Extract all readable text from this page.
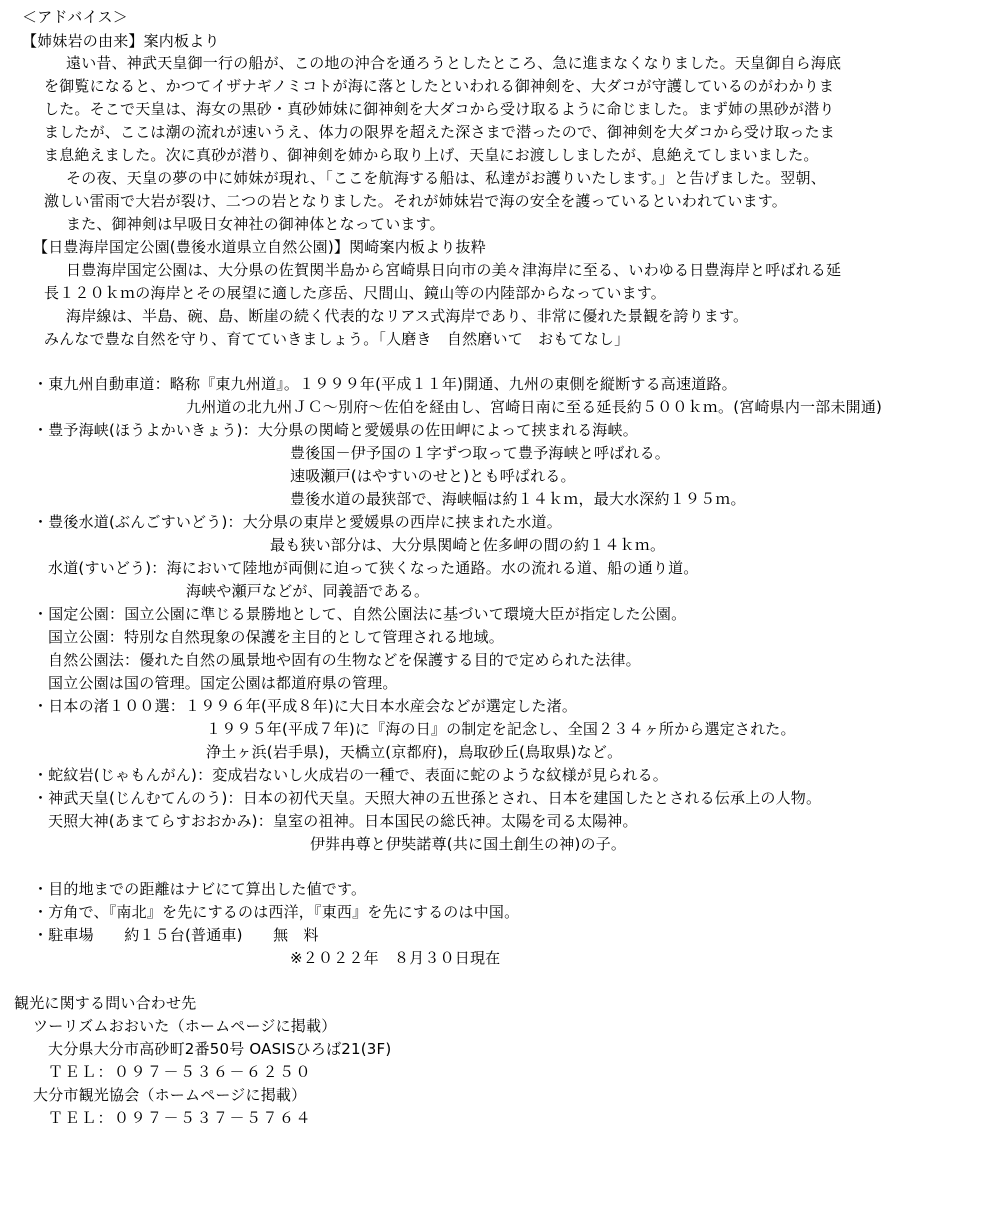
＜アドバイス＞
【姉妹岩の由来】案内板より
遠い昔、神武天皇御一行の船が、この地の沖合を通ろうとしたところ、急に進まなくなりました。天皇御自ら海底
を御覧になると、かつてイザナギノミコトが海に落としたといわれる御神剣を、大ダコが守護しているのがわかりま
した。そこで天皇は、海女の黒砂・真砂姉妹に御神剣を大ダコから受け取るように命じました。まず姉の黒砂が潜り
ましたが、ここは潮の流れが速いうえ、体力の限界を超えた深さまで潜ったので、御神剣を大ダコから受け取ったま
ま息絶えました。次に真砂が潜り、御神剣を姉から取り上げ、天皇にお渡ししましたが、息絶えてしまいました。
その夜、天皇の夢の中に姉妹が現れ、「ここを航海する船は、私達がお護りいたします。」と告げました。翌朝、
激しい雷雨で大岩が裂け、二つの岩となりました。それが姉妹岩で海の安全を護っているといわれています。
また、御神剣は早吸日女神社の御神体となっています。
【日豊海岸国定公園(豊後水道県立自然公園)】関崎案内板より抜粋
日豊海岸国定公園は、大分県の佐賀関半島から宮崎県日向市の美々津海岸に至る、いわゆる日豊海岸と呼ばれる延
長１２０ｋｍの海岸とその展望に適した彦岳、尺間山、鏡山等の内陸部からなっています。
海岸線は、半島、碗、島、断崖の続く代表的なリアス式海岸であり、非常に優れた景観を誇ります。
みんなで豊な自然を守り、育てていきましょう。「人磨き　自然磨いて　おもてなし」
・東九州自動車道：略称『東九州道』。１９９９年(平成１１年)開通、九州の東側を縦断する高速道路。
九州道の北九州ＪＣ～別府～佐伯を経由し、宮崎日南に至る延長約５００ｋｍ。(宮崎県内一部未開通)
・豊予海峡(ほうよかいきょう)：大分県の関崎と愛媛県の佐田岬によって挟まれる海峡。
豊後国－伊予国の１字ずつ取って豊予海峡と呼ばれる。
速吸瀬戸(はやすいのせと)とも呼ばれる。
豊後水道の最狭部で、海峡幅は約１４ｋｍ，最大水深約１９５ｍ。
・豊後水道(ぶんごすいどう)：大分県の東岸と愛媛県の西岸に挟まれた水道。
最も狭い部分は、大分県関崎と佐多岬の間の約１４ｋｍ。
水道(すいどう)：海において陸地が両側に迫って狭くなった通路。水の流れる道、船の通り道。
海峡や瀬戸などが、同義語である。
・国定公園：国立公園に準じる景勝地として、自然公園法に基づいて環境大臣が指定した公園。
国立公園：特別な自然現象の保護を主目的として管理される地域。
自然公園法：優れた自然の風景地や固有の生物などを保護する目的で定められた法律。
国立公園は国の管理。国定公園は都道府県の管理。
・日本の渚１００選：１９９６年(平成８年)に大日本水産会などが選定した渚。
１９９５年(平成７年)に『海の日』の制定を記念し、全国２３４ヶ所から選定された。
浄土ヶ浜(岩手県)，天橋立(京都府)，鳥取砂丘(鳥取県)など。
・蛇紋岩(じゃもんがん)：変成岩ないし火成岩の一種で、表面に蛇のような紋様が見られる。
・神武天皇(じんむてんのう)：日本の初代天皇。天照大神の五世孫とされ、日本を建国したとされる伝承上の人物。
天照大神(あまてらすおおかみ)：皇室の祖神。日本国民の総氏神。太陽を司る太陽神。
伊弉冉尊と伊奘諾尊(共に国土創生の神)の子。
・目的地までの距離はナビにて算出した値です。
・方角で、『南北』を先にするのは西洋，『東西』を先にするのは中国。
・駐車場　　約１５台(普通車)　　無　料
※２０２２年　８月３０日現在
観光に関する問い合わせ先
ツーリズムおおいた（ホームページに掲載）
大分県大分市高砂町2番50号 OASISひろば21(3F)
ＴＥＬ：０９７－５３６－６２５０
大分市観光協会（ホームページに掲載）
ＴＥＬ：０９７－５３７－５７６４
